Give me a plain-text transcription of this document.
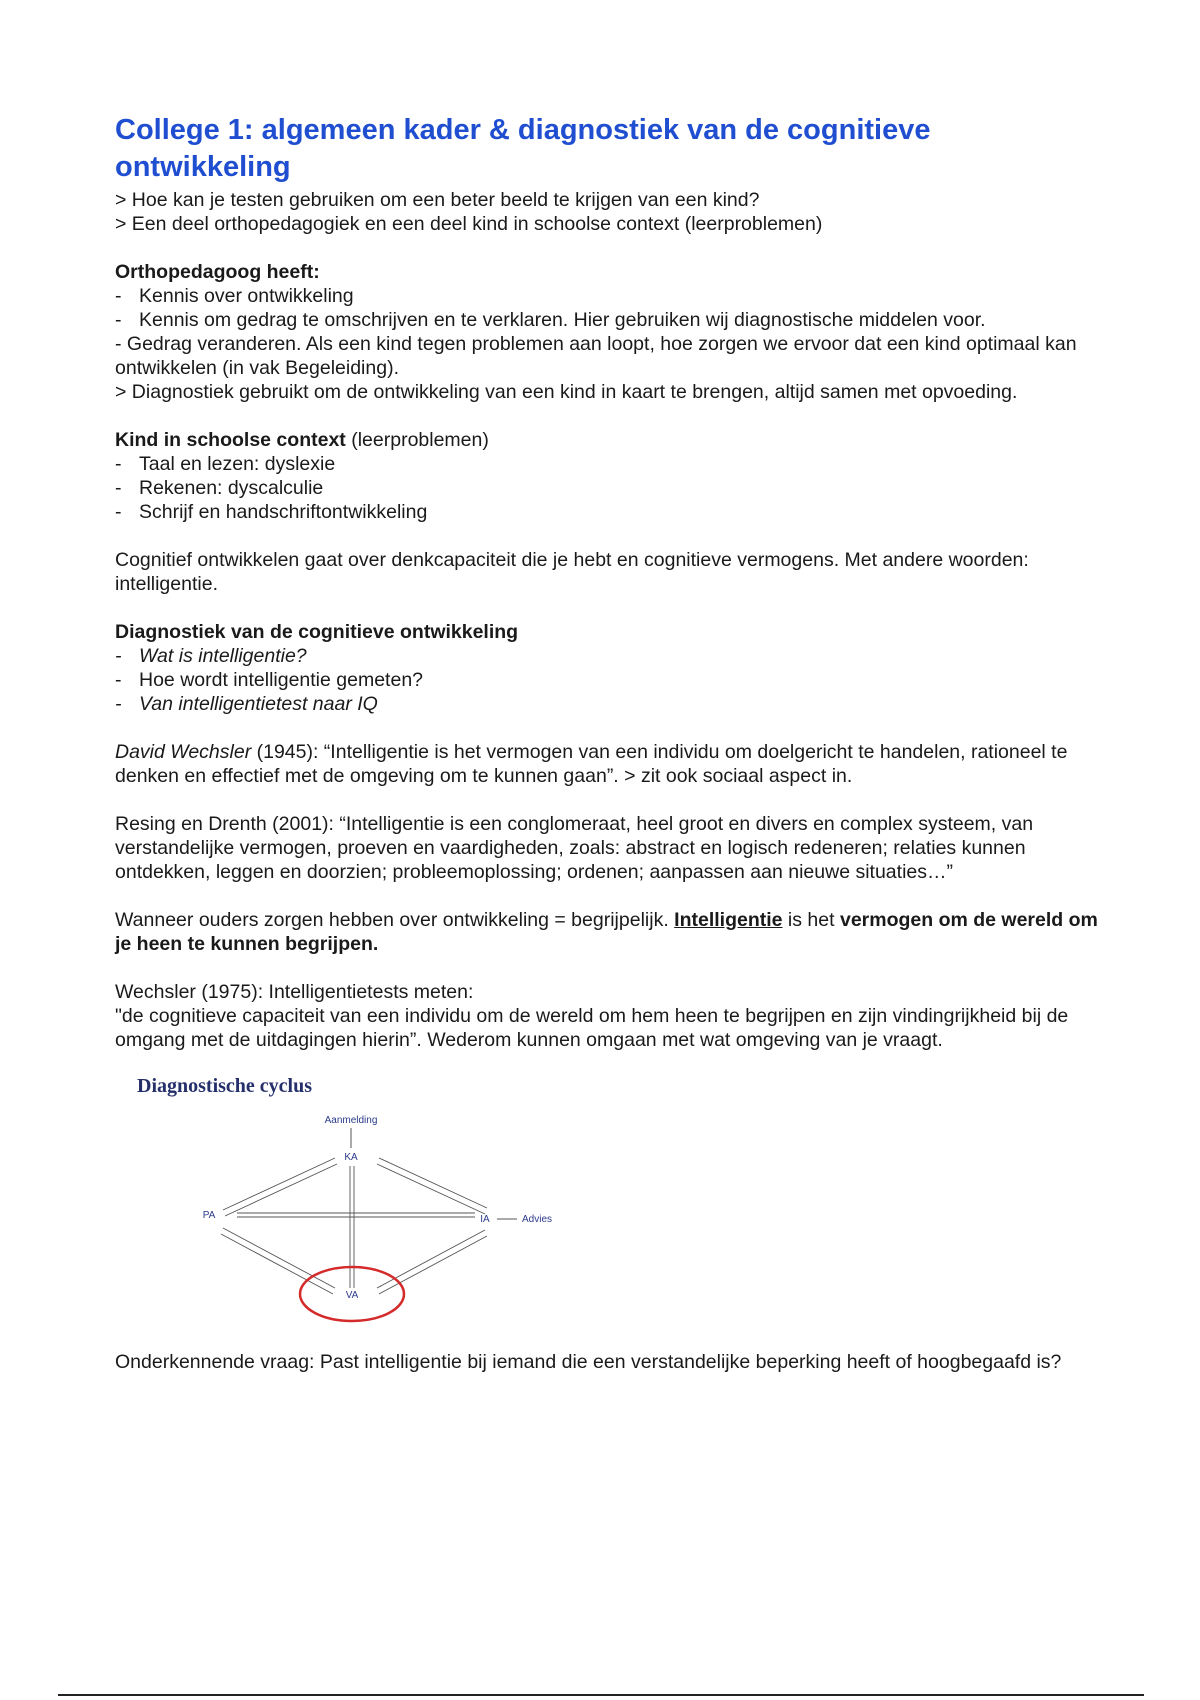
College 1: algemeen kader & diagnostiek van de cognitieve ontwikkeling

> Hoe kan je testen gebruiken om een beter beeld te krijgen van een kind?

> Een deel orthopedagogiek en een deel kind in schoolse context (leerproblemen)

Orthopedagoog heeft:

- Kennis over ontwikkeling
- Kennis om gedrag te omschrijven en te verklaren. Hier gebruiken wij diagnostische middelen voor.

- Gedrag veranderen. Als een kind tegen problemen aan loopt, hoe zorgen we ervoor dat een kind optimaal kan ontwikkelen (in vak Begeleiding).

> Diagnostiek gebruikt om de ontwikkeling van een kind in kaart te brengen, altijd samen met opvoeding.

Kind in schoolse context (leerproblemen)

- Taal en lezen: dyslexie
- Rekenen: dyscalculie
- Schrijf en handschriftontwikkeling

Cognitief ontwikkelen gaat over denkcapaciteit die je hebt en cognitieve vermogens. Met andere woorden: intelligentie.

Diagnostiek van de cognitieve ontwikkeling

- Wat is intelligentie?
- Hoe wordt intelligentie gemeten?
- Van intelligentietest naar IQ

David Wechsler (1945): “Intelligentie is het vermogen van een individu om doelgericht te handelen, rationeel te denken en effectief met de omgeving om te kunnen gaan”. > zit ook sociaal aspect in.

Resing en Drenth (2001): “Intelligentie is een conglomeraat, heel groot en divers en complex systeem, van verstandelijke vermogen, proeven en vaardigheden, zoals: abstract en logisch redeneren; relaties kunnen ontdekken, leggen en doorzien; probleemoplossing; ordenen; aanpassen aan nieuwe situaties…”

Wanneer ouders zorgen hebben over ontwikkeling = begrijpelijk. Intelligentie is het vermogen om de wereld om je heen te kunnen begrijpen.

Wechsler (1975): Intelligentietests meten:

"de cognitieve capaciteit van een individu om de wereld om hem heen te begrijpen en zijn vindingrijkheid bij de omgang met de uitdagingen hierin”. Wederom kunnen omgaan met wat omgeving van je vraagt.

Diagnostische cyclus
Aanmelding
KA
PA	IA	Advies
VA

Onderkennende vraag: Past intelligentie bij iemand die een verstandelijke beperking heeft of hoogbegaafd is?
